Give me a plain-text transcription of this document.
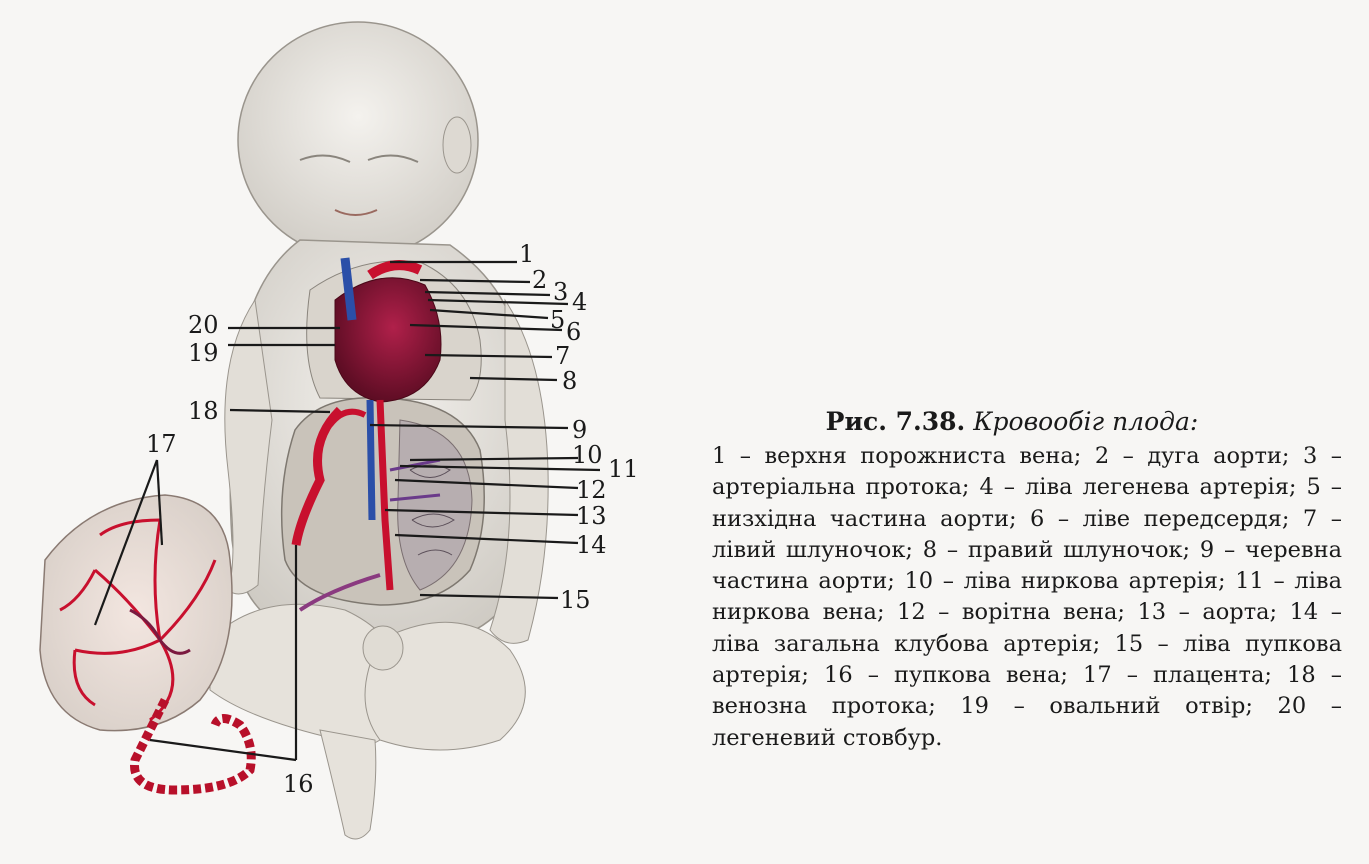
1
2 3 4
5 6
7
8
9
10 11
12
13
14
15
16
17
18
19
20
Рис. 7.38. Кровообіг плода:
1 – верхня порожниста вена; 2 – дуга аорти; 3 – артеріальна протока; 4 – ліва легенева артерія; 5 – низхідна частина аорти; 6 – ліве передсердя; 7 – лівий шлуночок; 8 – правий шлуночок; 9 – черевна частина аорти; 10 – ліва ниркова артерія; 11 – ліва ниркова вена; 12 – ворітна вена; 13 – аорта; 14 – ліва загальна клубова артерія; 15 – ліва пупкова артерія; 16 – пупкова вена; 17 – плацента; 18 – венозна протока; 19 – овальний отвір; 20 – легеневий стовбур.
